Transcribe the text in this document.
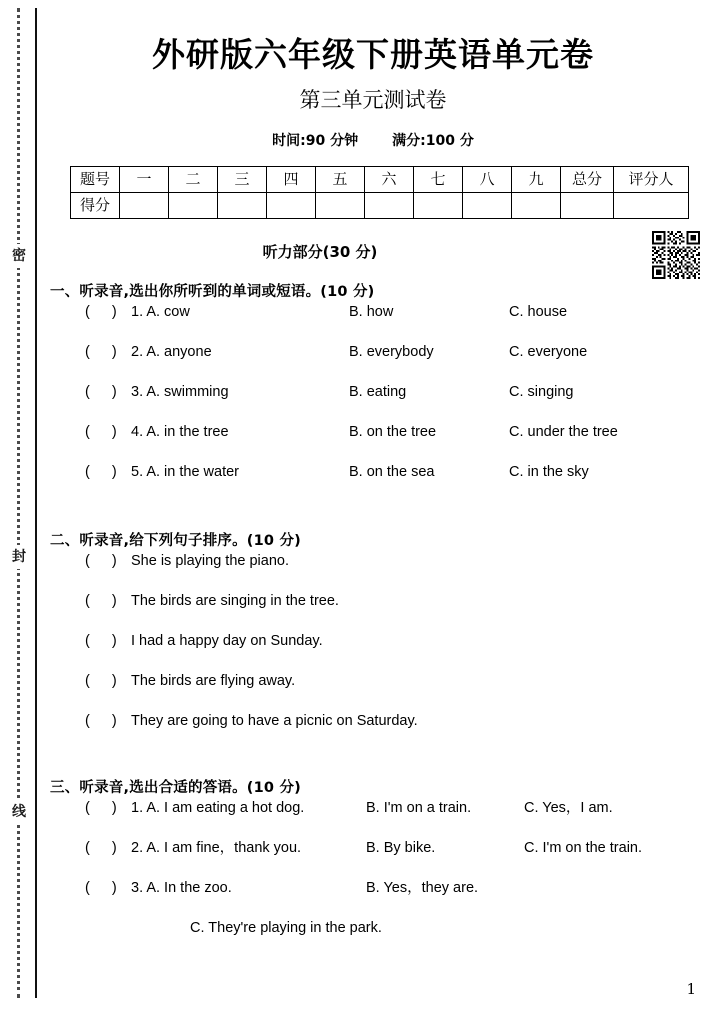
密
封
线
外研版六年级下册英语单元卷
第三单元测试卷
时间:90 分钟 满分:100 分
题号	一	二	三	四	五	六	七	八	九	总分	评分人
得分											
听力部分(30 分)
一、听录音,选出你所听到的单词或短语。(10 分)
( ) 1. A. cow	B. how	C. house
( ) 2. A. anyone	B. everybody	C. everyone
( ) 3. A. swimming	B. eating	C. singing
( ) 4. A. in the tree	B. on the tree	C. under the tree
( ) 5. A. in the water	B. on the sea	C. in the sky
二、听录音,给下列句子排序。(10 分)
( ) She is playing the piano.
( ) The birds are singing in the tree.
( ) I had a happy day on Sunday.
( ) The birds are flying away.
( ) They are going to have a picnic on Saturday.
三、听录音,选出合适的答语。(10 分)
( ) 1. A. I am eating a hot dog.	B. I'm on a train.	C. Yes，I am.
( ) 2. A. I am fine，thank you.	B. By bike.	C. I'm on the train.
( ) 3. A. In the zoo.	B. Yes，they are.
C. They're playing in the park.
1
